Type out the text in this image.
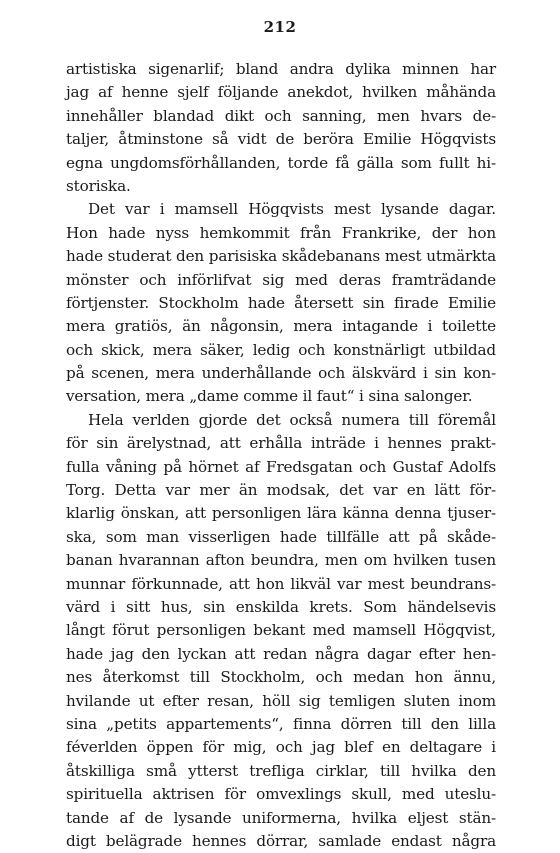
212
artistiska sigenarlif; bland andra dylika minnen har
jag af henne sjelf följande anekdot, hvilken måhända
innehåller blandad dikt och sanning, men hvars de-
taljer, åtminstone så vidt de beröra Emilie Högqvists
egna ungdomsförhållanden, torde få gälla som fullt hi-
storiska.
Det var i mamsell Högqvists mest lysande dagar.
Hon hade nyss hemkommit från Frankrike, der hon
hade studerat den parisiska skådebanans mest utmärkta
mönster och införlifvat sig med deras framträdande
förtjenster. Stockholm hade återsett sin firade Emilie
mera gratiös, än någonsin, mera intagande i toilette
och skick, mera säker, ledig och konstnärligt utbildad
på scenen, mera underhållande och älskvärd i sin kon-
versation, mera „dame comme il faut“ i sina salonger.
Hela verlden gjorde det också numera till föremål
för sin ärelystnad, att erhålla inträde i hennes prakt-
fulla våning på hörnet af Fredsgatan och Gustaf Adolfs
Torg. Detta var mer än modsak, det var en lätt för-
klarlig önskan, att personligen lära känna denna tjuser-
ska, som man visserligen hade tillfälle att på skåde-
banan hvarannan afton beundra, men om hvilken tusen
munnar förkunnade, att hon likväl var mest beundrans-
värd i sitt hus, sin enskilda krets. Som händelsevis
långt förut personligen bekant med mamsell Högqvist,
hade jag den lyckan att redan några dagar efter hen-
nes återkomst till Stockholm, och medan hon ännu,
hvilande ut efter resan, höll sig temligen sluten inom
sina „petits appartements“, finna dörren till den lilla
féverlden öppen för mig, och jag blef en deltagare i
åtskilliga små ytterst trefliga cirklar, till hvilka den
spirituella aktrisen för omvexlings skull, med uteslu-
tande af de lysande uniformerna, hvilka eljest stän-
digt belägrade hennes dörrar, samlade endast några
